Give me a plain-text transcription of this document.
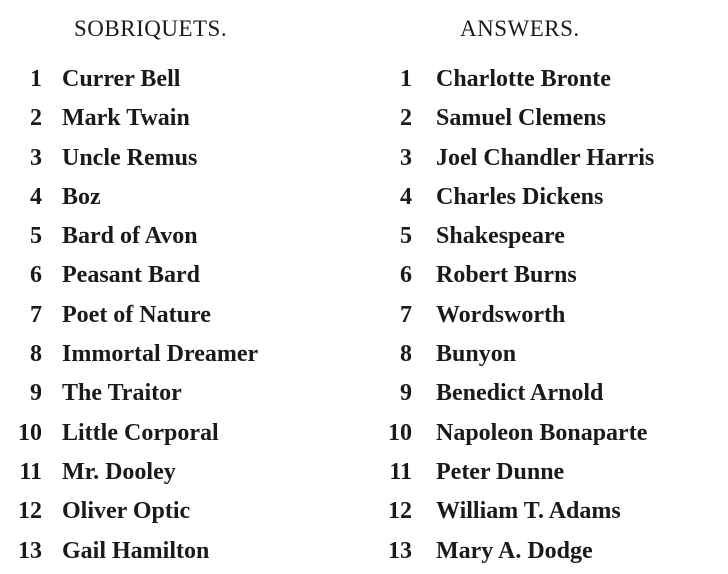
SOBRIQUETS.	ANSWERS.
1 Currer Bell
2 Mark Twain
3 Uncle Remus
4 Boz
5 Bard of Avon
6 Peasant Bard
7 Poet of Nature
8 Immortal Dreamer
9 The Traitor
10 Little Corporal
11 Mr. Dooley
12 Oliver Optic
13 Gail Hamilton
1 Charlotte Bronte
2 Samuel Clemens
3 Joel Chandler Harris
4 Charles Dickens
5 Shakespeare
6 Robert Burns
7 Wordsworth
8 Bunyon
9 Benedict Arnold
10 Napoleon Bonaparte
11 Peter Dunne
12 William T. Adams
13 Mary A. Dodge
